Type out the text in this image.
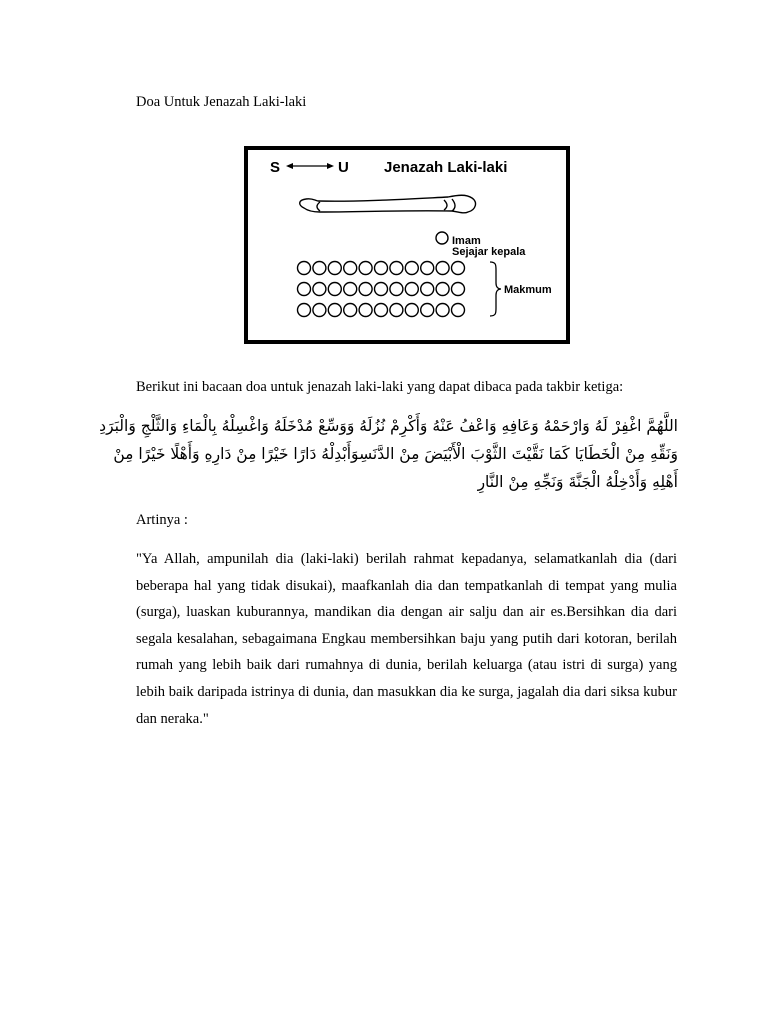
Doa Untuk Jenazah Laki-laki
S	U Jenazah Laki-laki
Imam
Sejajar kepala
Makmum
Berikut ini bacaan doa untuk jenazah laki-laki yang dapat dibaca pada takbir ketiga:
اللَّهُمَّ اغْفِرْ لَهُ وَارْحَمْهُ وَعَافِهِ وَاعْفُ عَنْهُ وَأَكْرِمْ نُزُلَهُ وَوَسِّعْ مُدْخَلَهُ وَاغْسِلْهُ بِالْمَاءِ وَالثَّلْجِ وَالْبَرَدِ وَنَقِّهِ مِنْ الْخَطَايَا كَمَا نَقَّيْتَ الثَّوْبَ الْأَبْيَضَ مِنْ الدَّنَسِوَأَبْدِلْهُ دَارًا خَيْرًا مِنْ دَارِهِ وَأَهْلًا خَيْرًا مِنْ أَهْلِهِ وَأَدْخِلْهُ الْجَنَّةَ وَنَجِّهِ مِنْ النَّارِ
Artinya :
"Ya Allah, ampunilah dia (laki-laki) berilah rahmat kepadanya, selamatkanlah dia (dari beberapa hal yang tidak disukai), maafkanlah dia dan tempatkanlah di tempat yang mulia (surga), luaskan kuburannya, mandikan dia dengan air salju dan air es.Bersihkan dia dari segala kesalahan, sebagaimana Engkau membersihkan baju yang putih dari kotoran, berilah rumah yang lebih baik dari rumahnya di dunia, berilah keluarga (atau istri di surga) yang lebih baik daripada istrinya di dunia, dan masukkan dia ke surga, jagalah dia dari siksa kubur dan neraka."
